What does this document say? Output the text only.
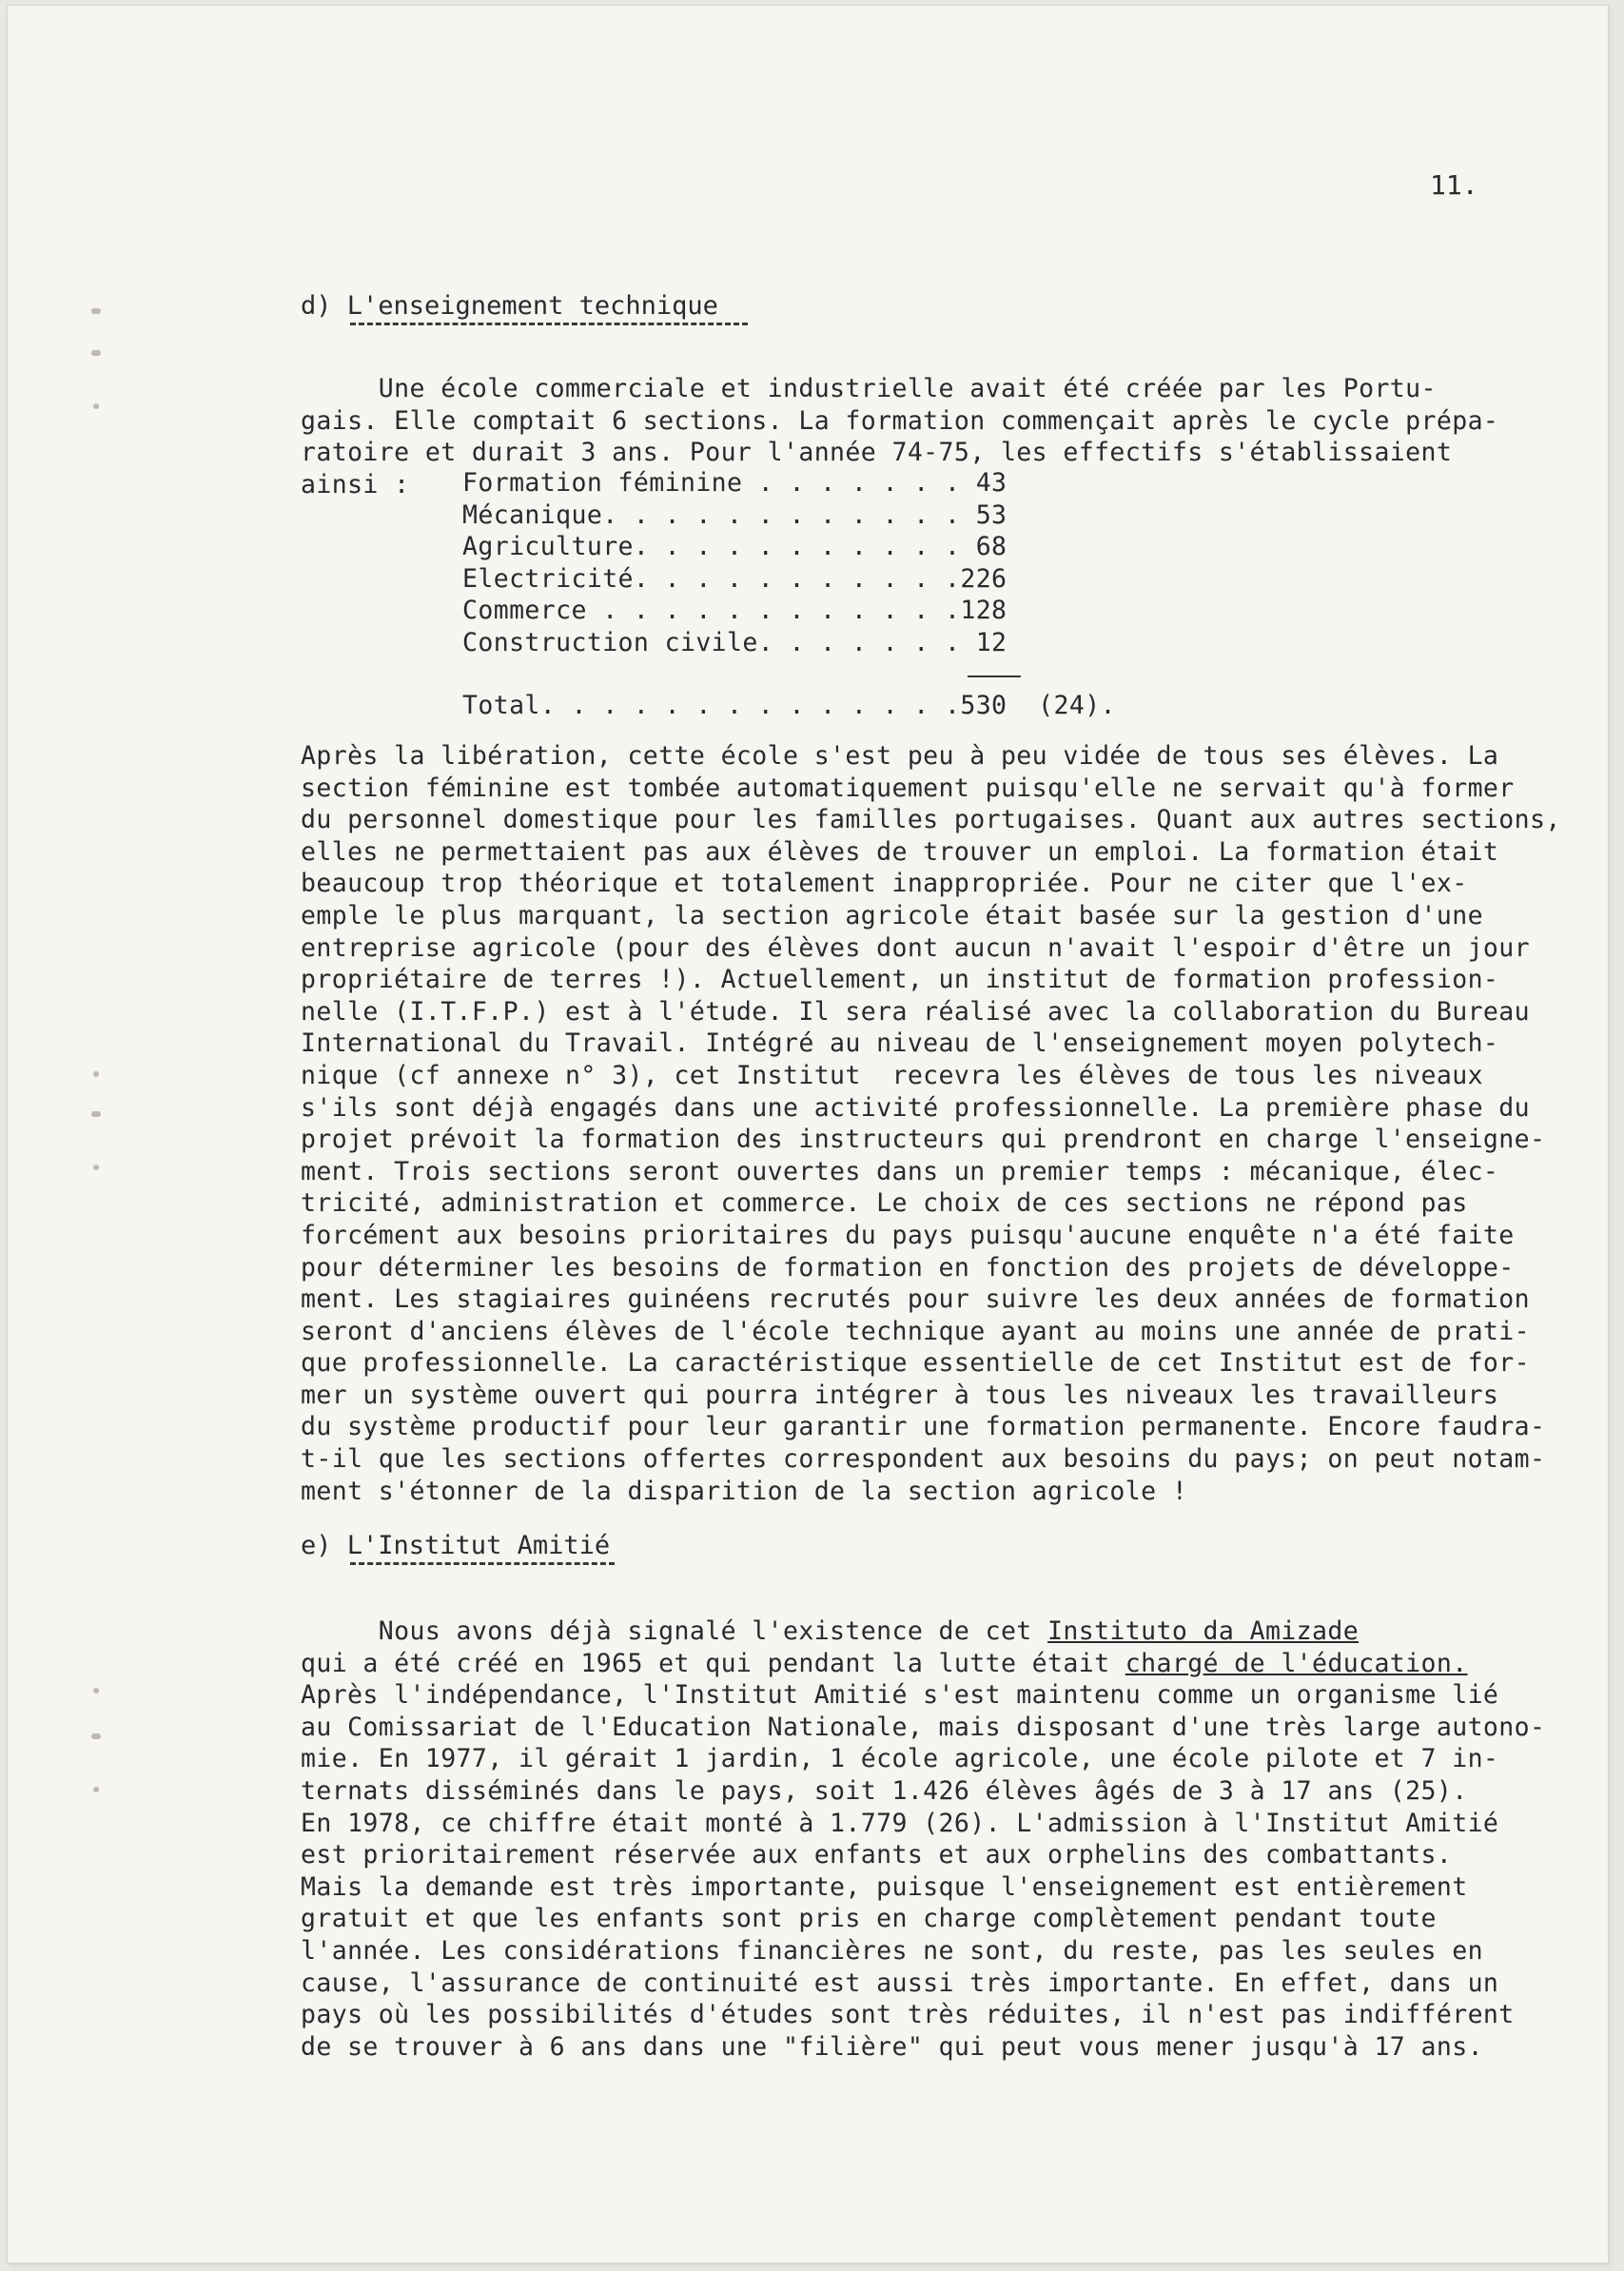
11.
d) L'enseignement technique
Une école commerciale et industrielle avait été créée par les Portu-
gais. Elle comptait 6 sections. La formation commençait après le cycle prépa-
ratoire et durait 3 ans. Pour l'année 74-75, les effectifs s'établissaient
ainsi :	Formation féminine . . . . . . . 43
Mécanique. . . . . . . . . . . . 53
Agriculture. . . . . . . . . . . 68
Electricité. . . . . . . . . . .226
Commerce . . . . . . . . . . . .128
Construction civile. . . . . . . 12
Total. . . . . . . . . . . . . .530 (24).
Après la libération, cette école s'est peu à peu vidée de tous ses élèves. La
section féminine est tombée automatiquement puisqu'elle ne servait qu'à former
du personnel domestique pour les familles portugaises. Quant aux autres sections,
elles ne permettaient pas aux élèves de trouver un emploi. La formation était
beaucoup trop théorique et totalement inappropriée. Pour ne citer que l'ex-
emple le plus marquant, la section agricole était basée sur la gestion d'une
entreprise agricole (pour des élèves dont aucun n'avait l'espoir d'être un jour
propriétaire de terres !). Actuellement, un institut de formation profession-
nelle (I.T.F.P.) est à l'étude. Il sera réalisé avec la collaboration du Bureau
International du Travail. Intégré au niveau de l'enseignement moyen polytech-
nique (cf annexe n° 3), cet Institut  recevra les élèves de tous les niveaux
s'ils sont déjà engagés dans une activité professionnelle. La première phase du
projet prévoit la formation des instructeurs qui prendront en charge l'enseigne-
ment. Trois sections seront ouvertes dans un premier temps : mécanique, élec-
tricité, administration et commerce. Le choix de ces sections ne répond pas
forcément aux besoins prioritaires du pays puisqu'aucune enquête n'a été faite
pour déterminer les besoins de formation en fonction des projets de développe-
ment. Les stagiaires guinéens recrutés pour suivre les deux années de formation
seront d'anciens élèves de l'école technique ayant au moins une année de prati-
que professionnelle. La caractéristique essentielle de cet Institut est de for-
mer un système ouvert qui pourra intégrer à tous les niveaux les travailleurs
du système productif pour leur garantir une formation permanente. Encore faudra-
t-il que les sections offertes correspondent aux besoins du pays; on peut notam-
ment s'étonner de la disparition de la section agricole !
e) L'Institut Amitié
Nous avons déjà signalé l'existence de cet Instituto da Amizade
qui a été créé en 1965 et qui pendant la lutte était chargé de l'éducation.
Après l'indépendance, l'Institut Amitié s'est maintenu comme un organisme lié
au Comissariat de l'Education Nationale, mais disposant d'une très large autono-
mie. En 1977, il gérait 1 jardin, 1 école agricole, une école pilote et 7 in-
ternats disséminés dans le pays, soit 1.426 élèves âgés de 3 à 17 ans (25).
En 1978, ce chiffre était monté à 1.779 (26). L'admission à l'Institut Amitié
est prioritairement réservée aux enfants et aux orphelins des combattants.
Mais la demande est très importante, puisque l'enseignement est entièrement
gratuit et que les enfants sont pris en charge complètement pendant toute
l'année. Les considérations financières ne sont, du reste, pas les seules en
cause, l'assurance de continuité est aussi très importante. En effet, dans un
pays où les possibilités d'études sont très réduites, il n'est pas indifférent
de se trouver à 6 ans dans une "filière" qui peut vous mener jusqu'à 17 ans.
